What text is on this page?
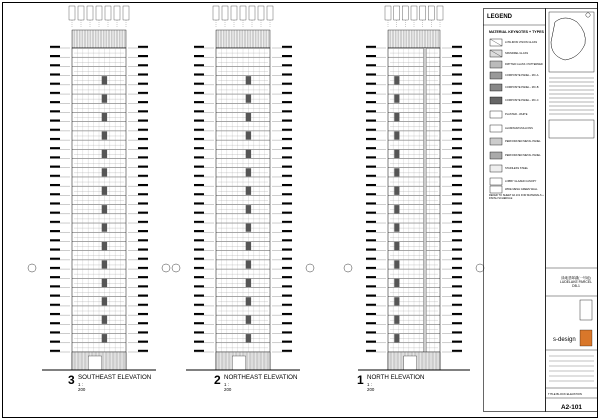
3 SOUTHEAST ELEVATION
1 : 200
2 NORTHEAST ELEVATION
1 : 200
1 NORTH ELEVATION
1 : 200
LEGEND
MATERIAL KEYNOTES + TYPES
LOW-IRON VISION GLASS
SPANDREL GLASS
FRITTED GLASS / PATTERNED
COMPOSITE PANEL - MC-A
COMPOSITE PANEL - MC-B
COMPOSITE PANEL - MC-C
PLASTER - WHITE
ALUMINUM MULLIONS
PERFORATED METAL PANEL
PERFORATED METAL PANEL
STAINLESS STEEL
LOBBY GLAZED CANOPY
WIDE MESH GREEN WALL
REFER TO SHEET A0.101 FOR MATERIALS + FINISH SCHEDULE
绿地翡翠湖(一号地)
LUDELAKE PARCEL DB-1
s-design
TITLE BLOCK ELEVATION
A2-101
